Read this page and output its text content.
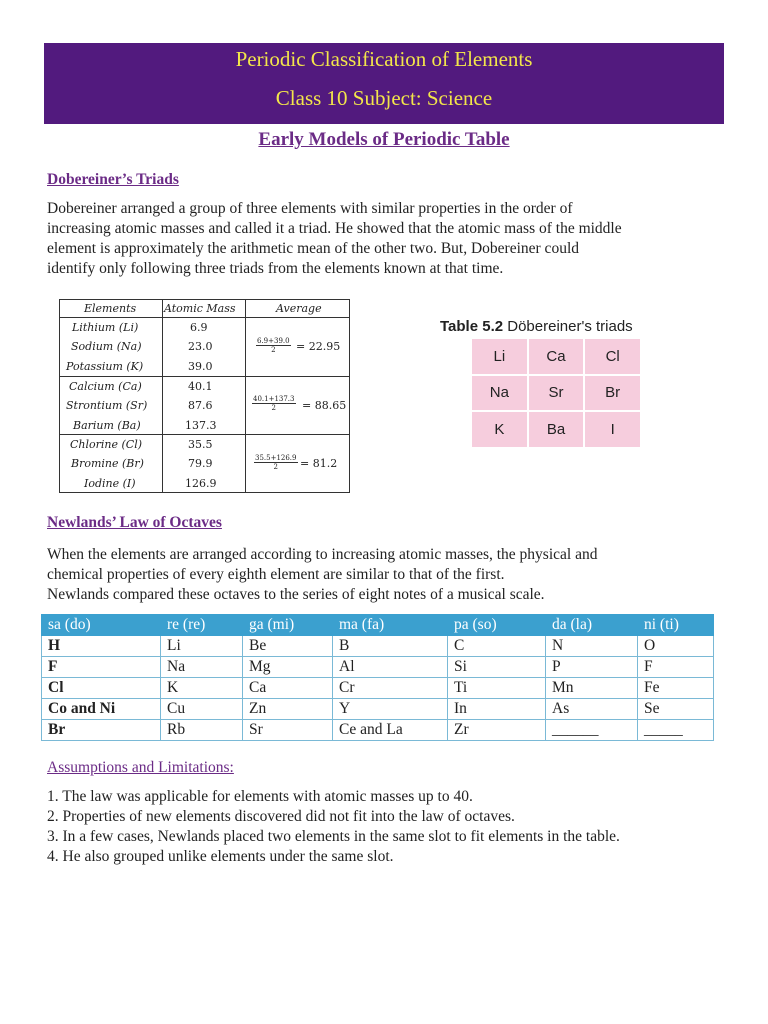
Periodic Classification of Elements
Class 10 Subject: Science
Early Models of Periodic Table
Dobereiner’s Triads
Dobereiner arranged a group of three elements with similar properties in the order of
increasing atomic masses and called it a triad. He showed that the atomic mass of the middle
element is approximately the arithmetic mean of the other two. But, Dobereiner could
identify only following three triads from the elements known at that time.
Elements	Atomic Mass	Average
Lithium (Li)	6.9
Sodium (Na)	23.0
Potassium (K)	39.0
$\frac{6.9+39.0}{2} = 22.95$
Calcium (Ca)	40.1
Strontium (Sr)	87.6
Barium (Ba)	137.3
$\frac{40.1+137.3}{2} = 88.65$
Chlorine (Cl)	35.5
Bromine (Br)	79.9
Iodine (I)	126.9
$\frac{35.5+126.9}{2} = 81.2$
Table 5.2 Döbereiner's triads
Li	Ca	Cl
Na	Sr	Br
K	Ba	I
Newlands’ Law of Octaves
When the elements are arranged according to increasing atomic masses, the physical and
chemical properties of every eighth element are similar to that of the first.
Newlands compared these octaves to the series of eight notes of a musical scale.
sa (do)	re (re)	ga (mi)	ma (fa)	pa (so)	da (la)	ni (ti)
H	Li	Be	B	C	N	O
F	Na	Mg	Al	Si	P	F
Cl	K	Ca	Cr	Ti	Mn	Fe
Co and Ni	Cu	Zn	Y	In	As	Se
Br	Rb	Sr	Ce and La	Zr	______	_____
Assumptions and Limitations:
1. The law was applicable for elements with atomic masses up to 40.
2. Properties of new elements discovered did not fit into the law of octaves.
3. In a few cases, Newlands placed two elements in the same slot to fit elements in the table.
4. He also grouped unlike elements under the same slot.
